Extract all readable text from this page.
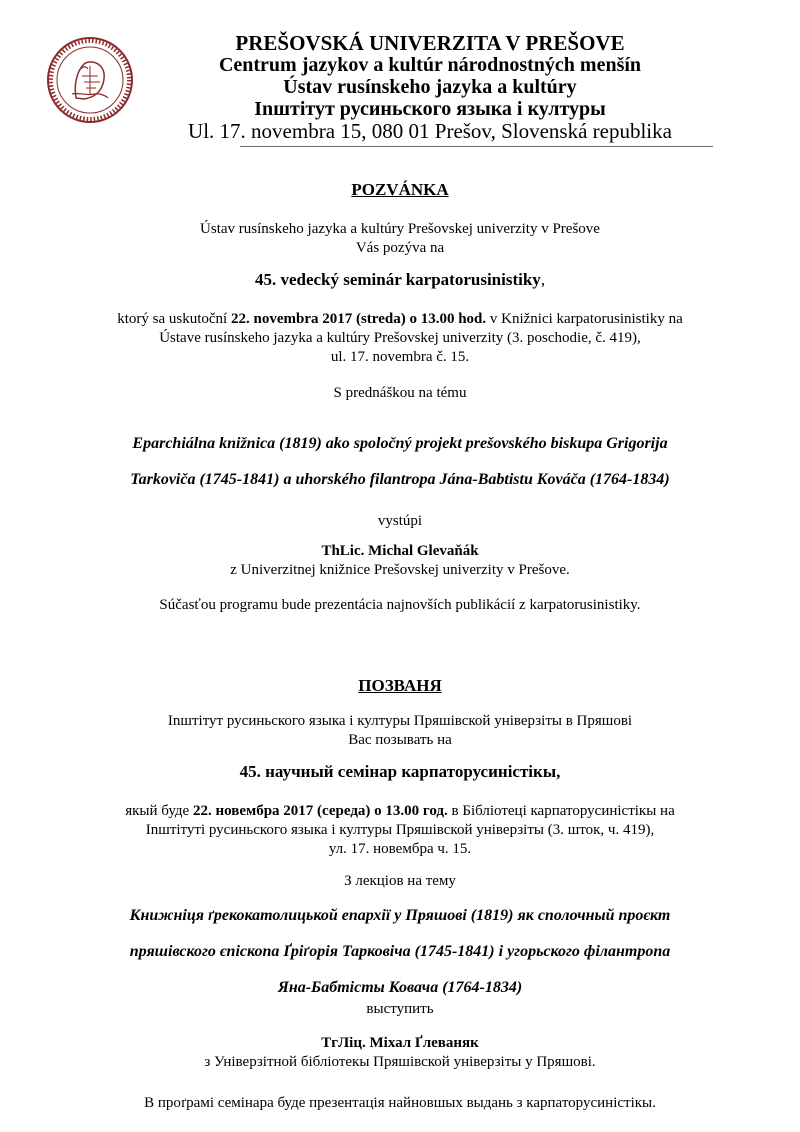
PREŠOVSKÁ UNIVERZITA V PREŠOVE
Centrum jazykov a kultúr národnostných menšín
Ústav rusínskeho jazyka a kultúry
Іnштітут русиньского языка і културы
Ul. 17. novembra 15, 080 01 Prešov, Slovenská republika

POZVÁNKA

Ústav rusínskeho jazyka a kultúry Prešovskej univerzity v Prešove

Vás pozýva na

45. vedecký seminár karpatorusinistiky,

ktorý sa uskutoční 22. novembra 2017 (streda) o 13.00 hod. v Knižnici karpatorusinistiky na

Ústave rusínskeho jazyka a kultúry Prešovskej univerzity (3. poschodie, č. 419),

ul. 17. novembra č. 15.

S prednáškou na tému

Eparchiálna knižnica (1819) ako spoločný projekt prešovského biskupa Grigorija

Tarkoviča (1745-1841) a uhorského filantropa Jána-Babtistu Kováča (1764-1834)

vystúpi

ThLic. Michal Glevaňák

z Univerzitnej knižnice Prešovskej univerzity v Prešove.

Súčasťou programu bude prezentácia najnovších publikácií z karpatorusinistiky.

ПОЗВАНЯ

Іnштітут русиньского языка і културы Пряшівской універзіты в Пряшові

Вас позывать на

45. научный семінар карпаторусиністікы,

якый буде 22. новембра 2017 (середа) о 13.00 год. в Бібліотеці карпаторусиністікы на

Іnштітуті русиньского языка і културы Пряшівской універзіты (3. шток, ч. 419),

ул. 17. новембра ч. 15.

З лекціов на тему

Книжніця ґрекокатолицькой епархії у Пряшові (1819) як сполочный проєкт

пряшівского єпіскопа Ґріґорія Тарковіча (1745-1841) і угорьского філантропа

Яна-Бабтісты Ковача (1764-1834)

выступить

ТгЛіц. Міхал Ґлеваняк

з Універзітной бібліотекы Пряшівской універзіты у Пряшові.

В проґрамі семінара буде презентація найновшых выдань з карпаторусиністікы.
